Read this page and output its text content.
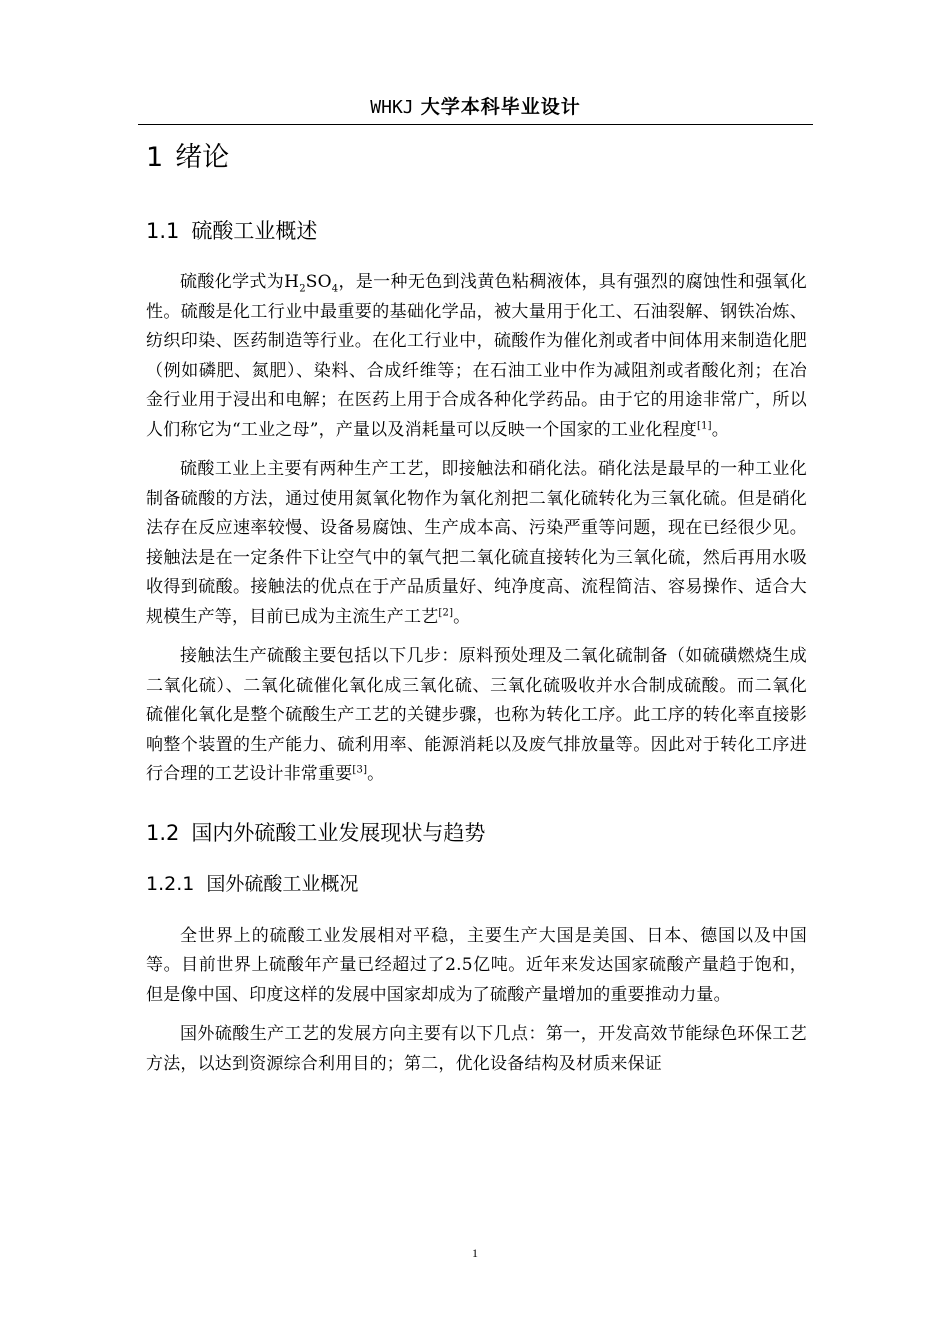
WHKJ 大学本科毕业设计
1 绪论
1.1 硫酸工业概述

硫酸化学式为$H_2SO_4$，是一种无色到浅黄色粘稠液体，具有强烈的腐蚀性和强氧化性。硫酸是化工行业中最重要的基础化学品，被大量用于化工、石油裂解、钢铁冶炼、纺织印染、医药制造等行业。在化工行业中，硫酸作为催化剂或者中间体用来制造化肥（例如磷肥、氮肥）、染料、合成纤维等；在石油工业中作为减阻剂或者酸化剂；在冶金行业用于浸出和电解；在医药上用于合成各种化学药品。由于它的用途非常广，所以人们称它为“工业之母”，产量以及消耗量可以反映一个国家的工业化程度[1]。

硫酸工业上主要有两种生产工艺，即接触法和硝化法。硝化法是最早的一种工业化制备硫酸的方法，通过使用氮氧化物作为氧化剂把二氧化硫转化为三氧化硫。但是硝化法存在反应速率较慢、设备易腐蚀、生产成本高、污染严重等问题，现在已经很少见。接触法是在一定条件下让空气中的氧气把二氧化硫直接转化为三氧化硫，然后再用水吸收得到硫酸。接触法的优点在于产品质量好、纯净度高、流程简洁、容易操作、适合大规模生产等，目前已成为主流生产工艺[2]。

接触法生产硫酸主要包括以下几步：原料预处理及二氧化硫制备（如硫磺燃烧生成二氧化硫）、二氧化硫催化氧化成三氧化硫、三氧化硫吸收并水合制成硫酸。而二氧化硫催化氧化是整个硫酸生产工艺的关键步骤，也称为转化工序。此工序的转化率直接影响整个装置的生产能力、硫利用率、能源消耗以及废气排放量等。因此对于转化工序进行合理的工艺设计非常重要[3]。

1.2 国内外硫酸工业发展现状与趋势
1.2.1 国外硫酸工业概况

全世界上的硫酸工业发展相对平稳，主要生产大国是美国、日本、德国以及中国等。目前世界上硫酸年产量已经超过了2.5亿吨。近年来发达国家硫酸产量趋于饱和，但是像中国、印度这样的发展中国家却成为了硫酸产量增加的重要推动力量。

国外硫酸生产工艺的发展方向主要有以下几点：第一，开发高效节能绿色环保工艺方法，以达到资源综合利用目的；第二，优化设备结构及材质来保证

1
